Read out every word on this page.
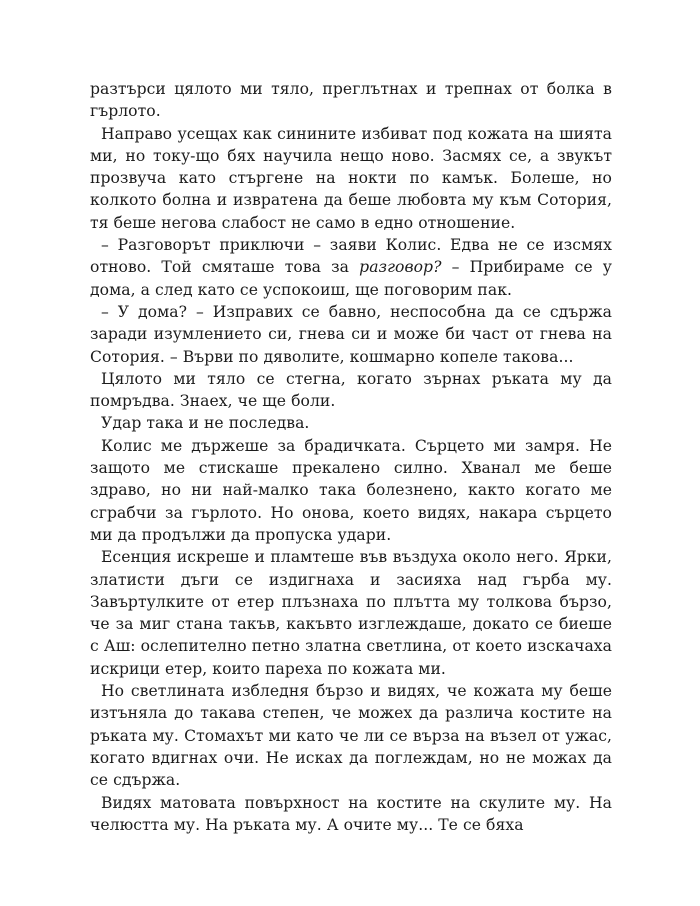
разтърси цялото ми тяло, преглътнах и трепнах от болка в гърлото.

Направо усещах как синините избиват под кожата на шията ми, но току-що бях научила нещо ново. Засмях се, а звукът прозвуча като стъргене на нокти по камък. Болеше, но колкото болна и извратена да беше любовта му към Сотория, тя беше негова слабост не само в едно отношение.

– Разговорът приключи – заяви Колис. Едва не се изсмях отново. Той смяташе това за разговор? – Прибираме се у дома, а след като се успокоиш, ще поговорим пак.

– У дома? – Изправих се бавно, неспособна да се сдържа заради изумлението си, гнева си и може би част от гнева на Сотория. – Върви по дяволите, кошмарно копеле такова...

Цялото ми тяло се стегна, когато зърнах ръката му да помръдва. Знаех, че ще боли.

Удар така и не последва.

Колис ме държеше за брадичката. Сърцето ми замря. Не защото ме стискаше прекалено силно. Хванал ме беше здраво, но ни най-малко така болезнено, както когато ме сграбчи за гърлото. Но онова, което видях, накара сърцето ми да продължи да пропуска удари.

Есенция искреше и пламтеше във въздуха около него. Ярки, златисти дъги се издигнаха и засияха над гърба му. Завъртулките от етер плъзнаха по плътта му толкова бързо, че за миг стана такъв, какъвто изглеждаше, докато се биеше с Аш: ослепително петно златна светлина, от което изскачаха искрици етер, които пареха по кожата ми.

Но светлината избледня бързо и видях, че кожата му беше изтъняла до такава степен, че можех да различа костите на ръката му. Стомахът ми като че ли се върза на възел от ужас, когато вдигнах очи. Не исках да поглеждам, но не можах да се сдържа.

Видях матовата повърхност на костите на скулите му. На челюстта му. На ръката му. А очите му... Те се бяха
